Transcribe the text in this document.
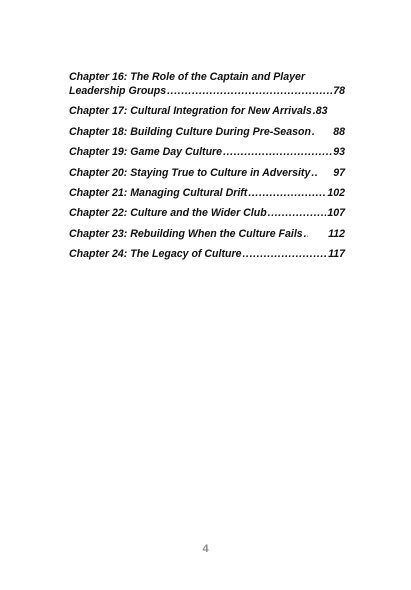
Chapter 16: The Role of the Captain and Player
Leadership Groups .....	78
Chapter 17: Cultural Integration for New Arrivals ..... 83
Chapter 18: Building Culture During Pre-Season ..... 88
Chapter 19: Game Day Culture .....	93
Chapter 20: Staying True to Culture in Adversity ..... 97
Chapter 21: Managing Cultural Drift .....	102
Chapter 22: Culture and the Wider Club .....	107
Chapter 23: Rebuilding When the Culture Fails ..... 112
Chapter 24: The Legacy of Culture .....	117
4
